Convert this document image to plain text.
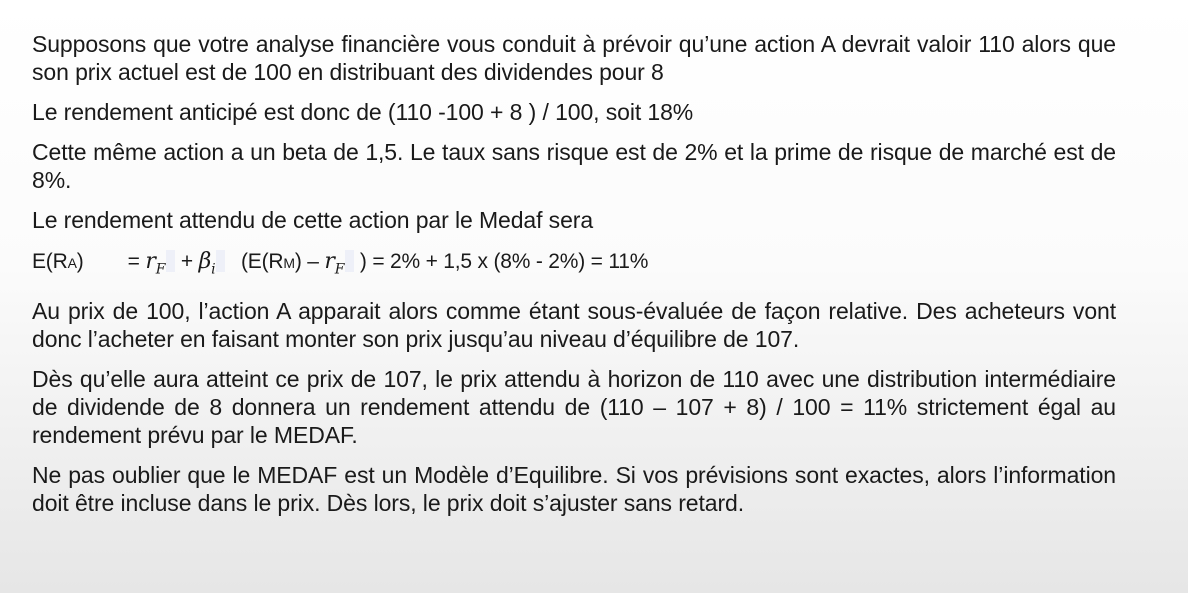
Supposons que votre analyse financière vous conduit à prévoir qu’une action A devrait valoir 110 alors que son prix actuel est de 100 en distribuant des dividendes pour 8

Le rendement anticipé est donc de (110 -100 + 8 ) / 100, soit 18%

Cette même action a un beta de 1,5. Le taux sans risque est de 2% et la prime de risque de marché est de 8%.

Le rendement attendu de cette action par le Medaf sera

$E(RA) = r_F + \beta_i$ ($E(RM) - r_F$ ) = 2% + 1,5 x (8% - 2%) = 11%

Au prix de 100, l’action A apparait alors comme étant sous-évaluée de façon relative. Des acheteurs vont donc l’acheter en faisant monter son prix jusqu’au niveau d’équilibre de 107.

Dès qu’elle aura atteint ce prix de 107, le prix attendu à horizon de 110 avec une distribution intermédiaire de dividende de 8 donnera un rendement attendu de (110 – 107 + 8) / 100 = 11% strictement égal au rendement prévu par le MEDAF.

Ne pas oublier que le MEDAF est un Modèle d’Equilibre. Si vos prévisions sont exactes, alors l’information doit être incluse dans le prix. Dès lors, le prix doit s’ajuster sans retard.
